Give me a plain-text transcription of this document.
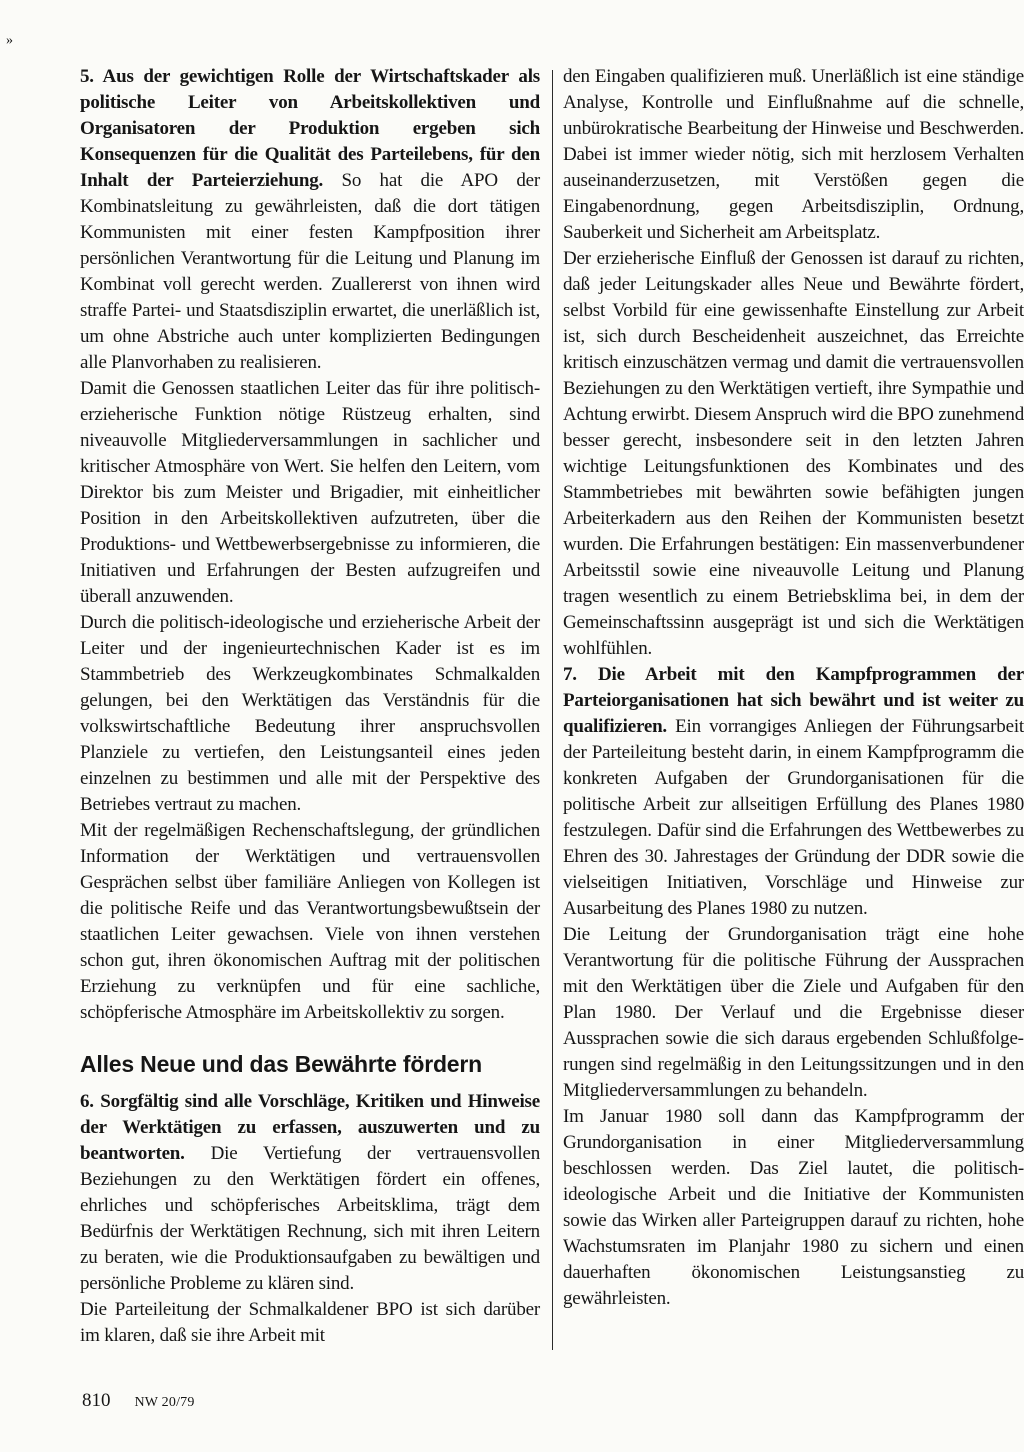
»

5. Aus der gewichtigen Rolle der Wirtschaftskader als politische Leiter von Arbeitskollektiven und Organisatoren der Produktion ergeben sich Konsequenzen für die Qualität des Parteilebens, für den Inhalt der Parteierziehung. So hat die APO der Kombinatsleitung zu gewährleisten, daß die dort tätigen Kommunisten mit einer festen Kampfposition ihrer persönlichen Verantwortung für die Leitung und Planung im Kombinat voll gerecht werden. Zuallererst von ihnen wird straffe Partei- und Staatsdisziplin erwartet, die unerläßlich ist, um ohne Abstriche auch unter komplizierten Bedingungen alle Planvorhaben zu realisieren.

Damit die Genossen staatlichen Leiter das für ihre politisch-erzieherische Funktion nötige Rüstzeug erhalten, sind niveauvolle Mitgliederversammlungen in sachlicher und kritischer Atmosphäre von Wert. Sie helfen den Leitern, vom Direktor bis zum Meister und Brigadier, mit einheitlicher Position in den Arbeitskollektiven aufzutreten, über die Produktions- und Wettbewerbsergebnisse zu informieren, die Initiativen und Erfahrungen der Besten aufzugreifen und überall anzuwenden.

Durch die politisch-ideologische und erzieherische Arbeit der Leiter und der ingenieurtechnischen Kader ist es im Stammbetrieb des Werkzeugkombinates Schmalkalden gelungen, bei den Werktätigen das Verständnis für die volkswirtschaftliche Bedeutung ihrer anspruchsvollen Planziele zu vertiefen, den Leistungsanteil eines jeden einzelnen zu bestimmen und alle mit der Perspektive des Betriebes vertraut zu machen.

Mit der regelmäßigen Rechenschaftslegung, der gründlichen Information der Werktätigen und vertrauensvollen Gesprächen selbst über familiäre Anliegen von Kollegen ist die politische Reife und das Verantwortungsbewußtsein der staatlichen Leiter gewachsen. Viele von ihnen verstehen schon gut, ihren ökonomischen Auftrag mit der politischen Erziehung zu verknüpfen und für eine sachliche, schöpferische Atmosphäre im Arbeitskollektiv zu sorgen.

Alles Neue und das Bewährte fördern

6. Sorgfältig sind alle Vorschläge, Kritiken und Hinweise der Werktätigen zu erfassen, auszuwerten und zu beantworten. Die Vertiefung der vertrauensvollen Beziehungen zu den Werktätigen fördert ein offenes, ehrliches und schöpferisches Arbeitsklima, trägt dem Bedürfnis der Werktätigen Rechnung, sich mit ihren Leitern zu beraten, wie die Produktionsaufgaben zu bewältigen und persönliche Probleme zu klären sind.

Die Parteileitung der Schmalkaldener BPO ist sich darüber im klaren, daß sie ihre Arbeit mit

den Eingaben qualifizieren muß. Unerläßlich ist eine ständige Analyse, Kontrolle und Einflußnahme auf die schnelle, unbürokratische Bearbeitung der Hinweise und Beschwerden. Dabei ist immer wieder nötig, sich mit herzlosem Verhalten auseinanderzusetzen, mit Verstößen gegen die Eingabenordnung, gegen Arbeitsdisziplin, Ordnung, Sauberkeit und Sicherheit am Arbeitsplatz.

Der erzieherische Einfluß der Genossen ist darauf zu richten, daß jeder Leitungskader alles Neue und Bewährte fördert, selbst Vorbild für eine gewissenhafte Einstellung zur Arbeit ist, sich durch Bescheidenheit auszeichnet, das Erreichte kritisch einzuschätzen vermag und damit die vertrauensvollen Beziehungen zu den Werktätigen vertieft, ihre Sympathie und Achtung erwirbt. Diesem Anspruch wird die BPO zunehmend besser gerecht, insbesondere seit in den letzten Jahren wichtige Leitungsfunktionen des Kombinates und des Stammbetriebes mit bewährten sowie befähigten jungen Arbeiterkadern aus den Reihen der Kommunisten besetzt wurden. Die Erfahrungen bestätigen: Ein massenverbundener Arbeitsstil sowie eine niveauvolle Leitung und Planung tragen wesentlich zu einem Betriebsklima bei, in dem der Gemeinschaftssinn ausgeprägt ist und sich die Werktätigen wohlfühlen.

7. Die Arbeit mit den Kampfprogrammen der Parteiorganisationen hat sich bewährt und ist weiter zu qualifizieren. Ein vorrangiges Anliegen der Führungsarbeit der Parteileitung besteht darin, in einem Kampfprogramm die konkreten Aufgaben der Grundorganisationen für die politische Arbeit zur allseitigen Erfüllung des Planes 1980 festzulegen. Dafür sind die Erfahrungen des Wettbewerbes zu Ehren des 30. Jahrestages der Gründung der DDR sowie die vielseitigen Initiativen, Vorschläge und Hinweise zur Ausarbeitung des Planes 1980 zu nutzen.

Die Leitung der Grundorganisation trägt eine hohe Verantwortung für die politische Führung der Aussprachen mit den Werktätigen über die Ziele und Aufgaben für den Plan 1980. Der Verlauf und die Ergebnisse dieser Aussprachen sowie die sich daraus ergebenden Schlußfolgerungen sind regelmäßig in den Leitungssitzungen und in den Mitgliederversammlungen zu behandeln.

Im Januar 1980 soll dann das Kampfprogramm der Grundorganisation in einer Mitgliederversammlung beschlossen werden. Das Ziel lautet, die politisch-ideologische Arbeit und die Initiative der Kommunisten sowie das Wirken aller Parteigruppen darauf zu richten, hohe Wachstumsraten im Planjahr 1980 zu sichern und einen dauerhaften ökonomischen Leistungsanstieg zu gewährleisten.

810 NW 20/79
